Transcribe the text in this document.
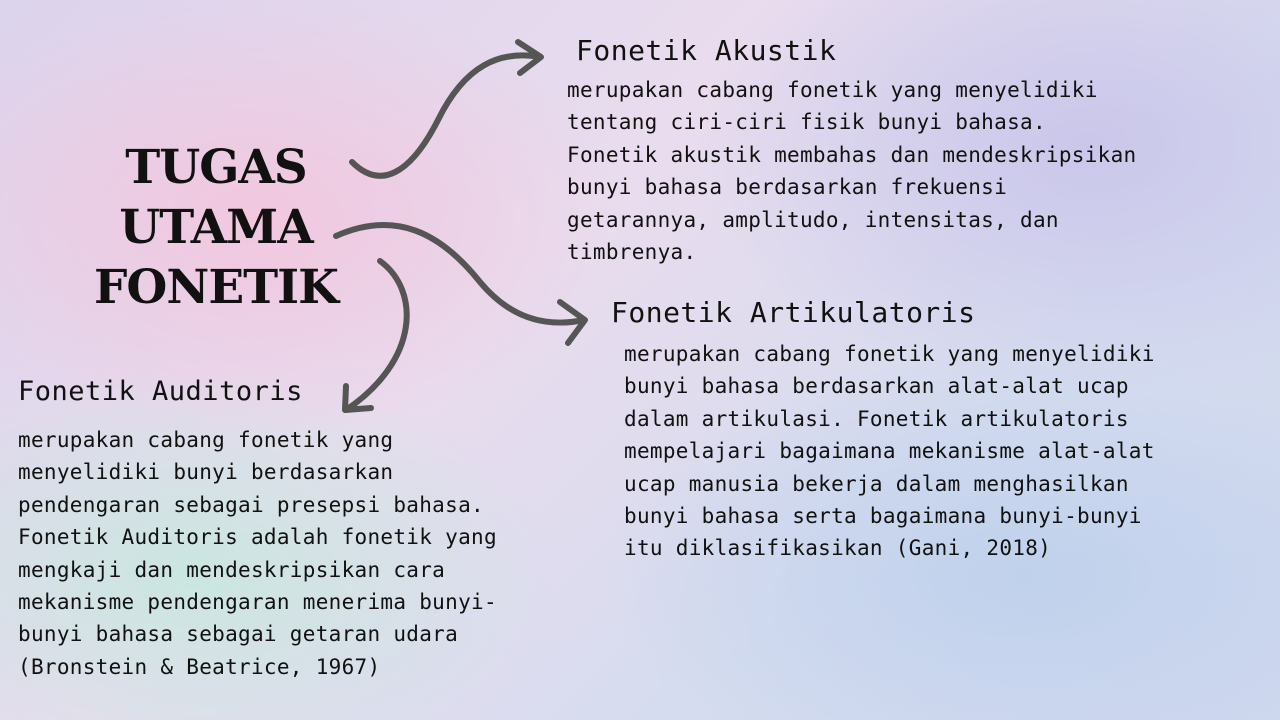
TUGAS
UTAMA
FONETIK
Fonetik Akustik
merupakan cabang fonetik yang menyelidiki
tentang ciri-ciri fisik bunyi bahasa.
Fonetik akustik membahas dan mendeskripsikan
bunyi bahasa berdasarkan frekuensi
getarannya, amplitudo, intensitas, dan
timbrenya.
Fonetik Artikulatoris
merupakan cabang fonetik yang menyelidiki
bunyi bahasa berdasarkan alat-alat ucap
dalam artikulasi. Fonetik artikulatoris
mempelajari bagaimana mekanisme alat-alat
ucap manusia bekerja dalam menghasilkan
bunyi bahasa serta bagaimana bunyi-bunyi
itu diklasifikasikan (Gani, 2018)
Fonetik Auditoris
merupakan cabang fonetik yang
menyelidiki bunyi berdasarkan
pendengaran sebagai presepsi bahasa.
Fonetik Auditoris adalah fonetik yang
mengkaji dan mendeskripsikan cara
mekanisme pendengaran menerima bunyi-
bunyi bahasa sebagai getaran udara
(Bronstein & Beatrice, 1967)
